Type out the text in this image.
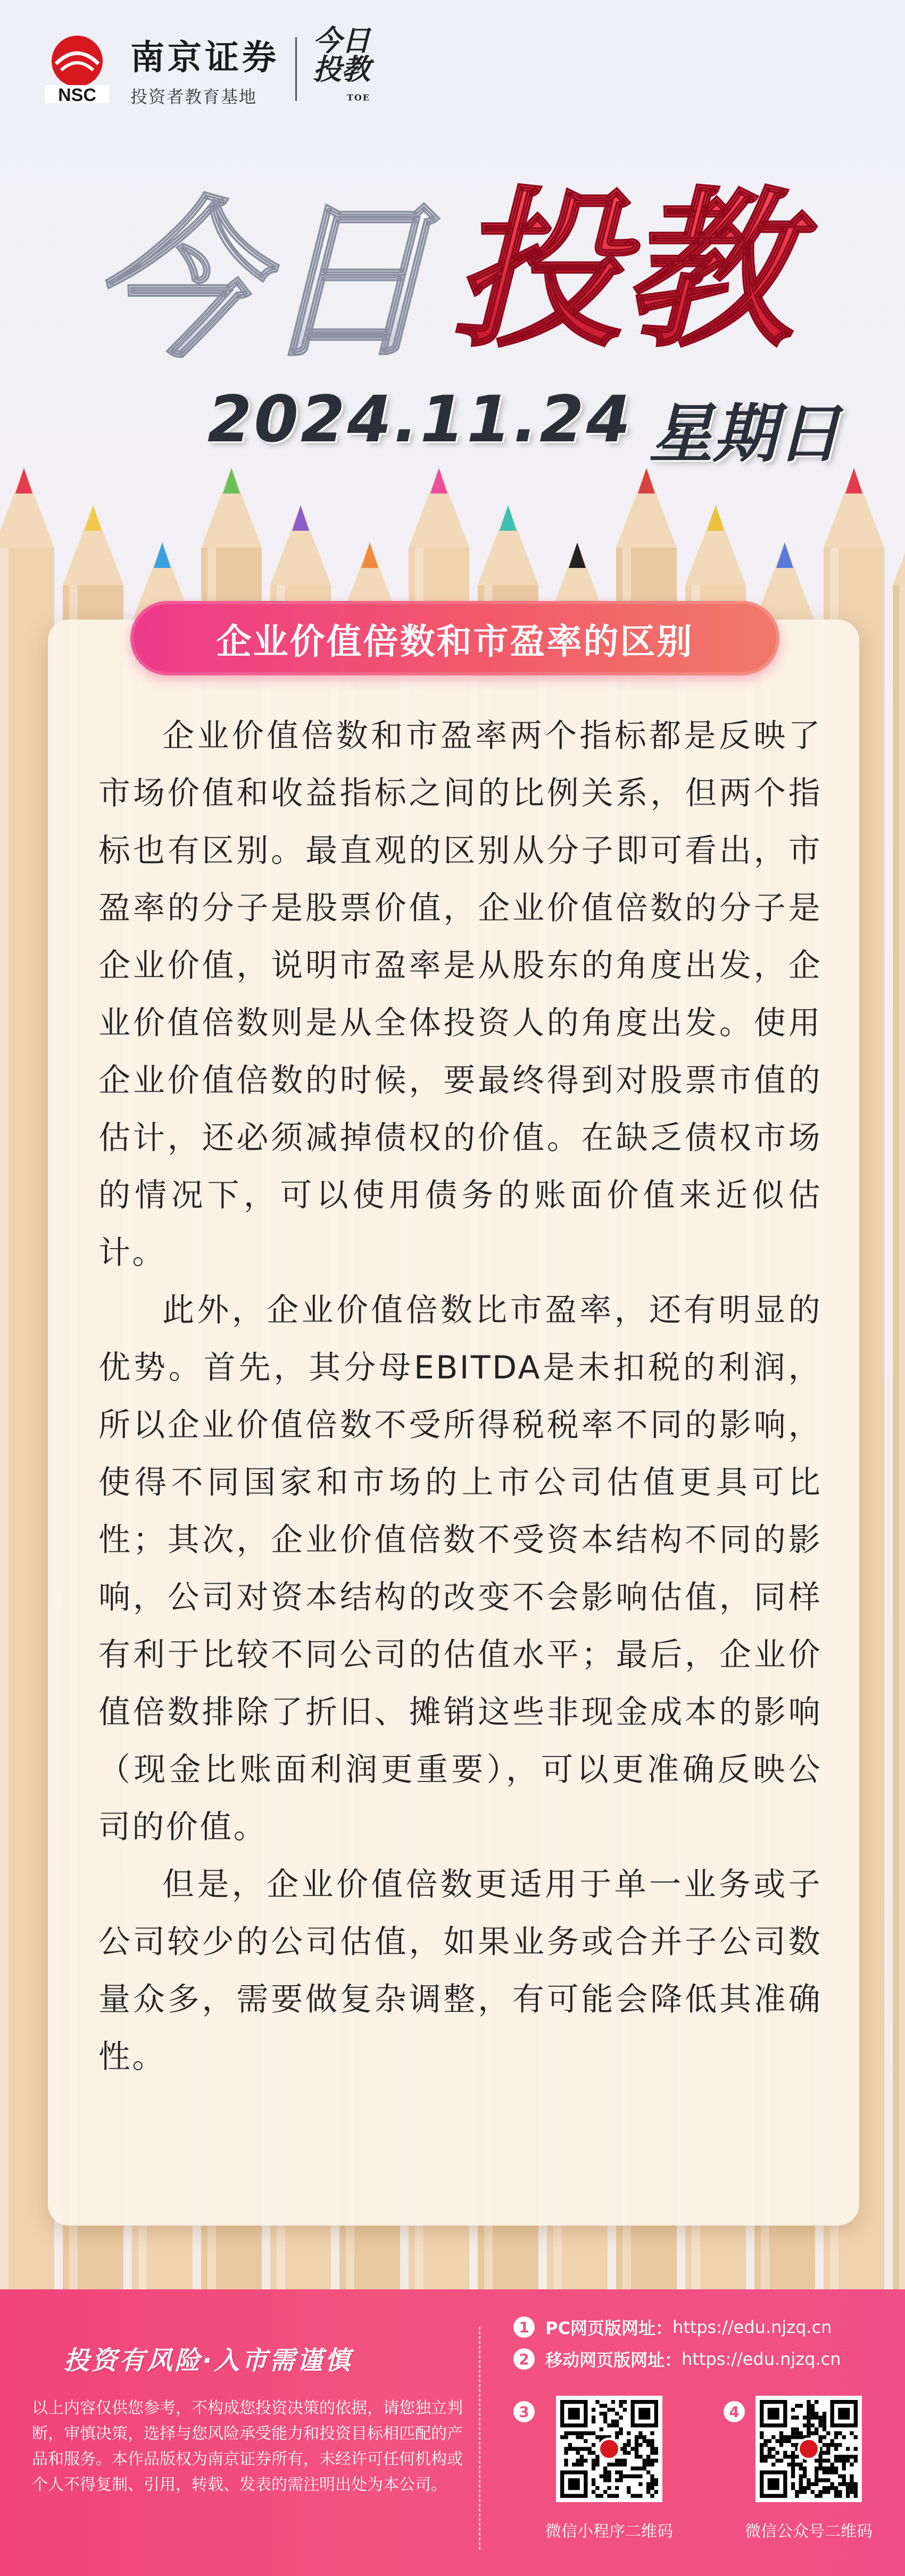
NSC
南京证券
投资者教育基地
今日
投教
TOE
今日 投教
2024.11.24 星期日
企业价值倍数和市盈率的区别

企业价值倍数和市盈率两个指标都是反映了市场价值和收益指标之间的比例关系，但两个指标也有区别。最直观的区别从分子即可看出，市盈率的分子是股票价值，企业价值倍数的分子是企业价值，说明市盈率是从股东的角度出发，企业价值倍数则是从全体投资人的角度出发。使用企业价值倍数的时候，要最终得到对股票市值的估计，还必须减掉债权的价值。在缺乏债权市场的情况下，可以使用债务的账面价值来近似估计。

此外，企业价值倍数比市盈率，还有明显的优势。首先，其分母EBITDA是未扣税的利润，所以企业价值倍数不受所得税税率不同的影响，使得不同国家和市场的上市公司估值更具可比性；其次，企业价值倍数不受资本结构不同的影响，公司对资本结构的改变不会影响估值，同样有利于比较不同公司的估值水平；最后，企业价值倍数排除了折旧、摊销这些非现金成本的影响（现金比账面利润更重要），可以更准确反映公司的价值。

但是，企业价值倍数更适用于单一业务或子公司较少的公司估值，如果业务或合并子公司数量众多，需要做复杂调整，有可能会降低其准确性。

投资有风险·入市需谨慎
以上内容仅供您参考，不构成您投资决策的依据，请您独立判断，审慎决策，选择与您风险承受能力和投资目标相匹配的产品和服务。本作品版权为南京证券所有，未经许可任何机构或个人不得复制、引用，转载、发表的需注明出处为本公司。
1 PC网页版网址： https://edu.njzq.cn
2 移动网页版网址： https://edu.njzq.cn
3
微信小程序二维码
4
微信公众号二维码
